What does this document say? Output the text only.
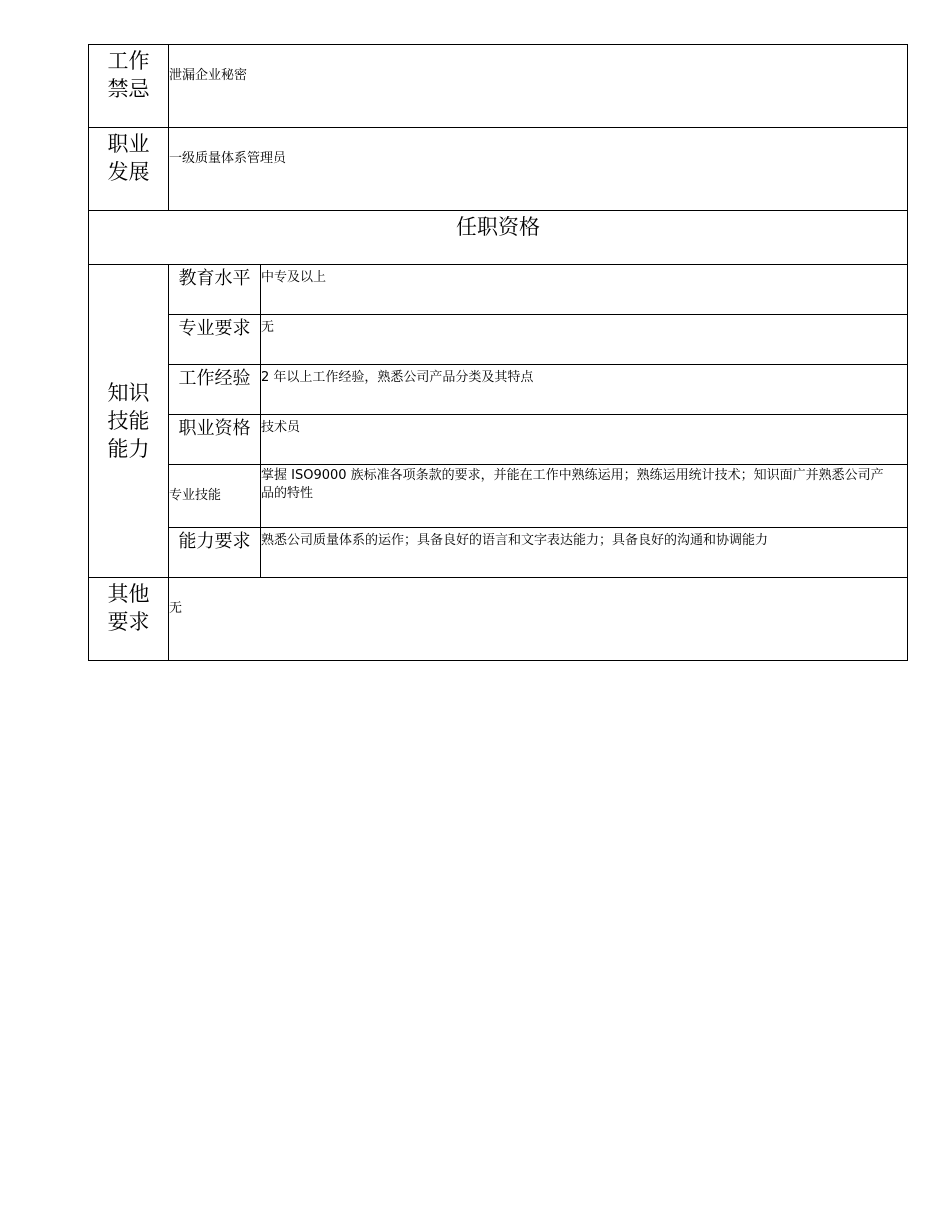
工作
禁忌	泄漏企业秘密	

职业
发展	一级质量体系管理员	
任职资格		

知识
技能
能力	教育水平	中专及以上
	专业要求	无
	工作经验	2 年以上工作经验，熟悉公司产品分类及其特点
	职业资格	技术员
	专业技能	掌握 ISO9000 族标准各项条款的要求，并能在工作中熟练运用；熟练运用统计技术；知识面广并熟悉公司产品的特性
	能力要求	熟悉公司质量体系的运作；具备良好的语言和文字表达能力；具备良好的沟通和协调能力

其他
要求	无	
